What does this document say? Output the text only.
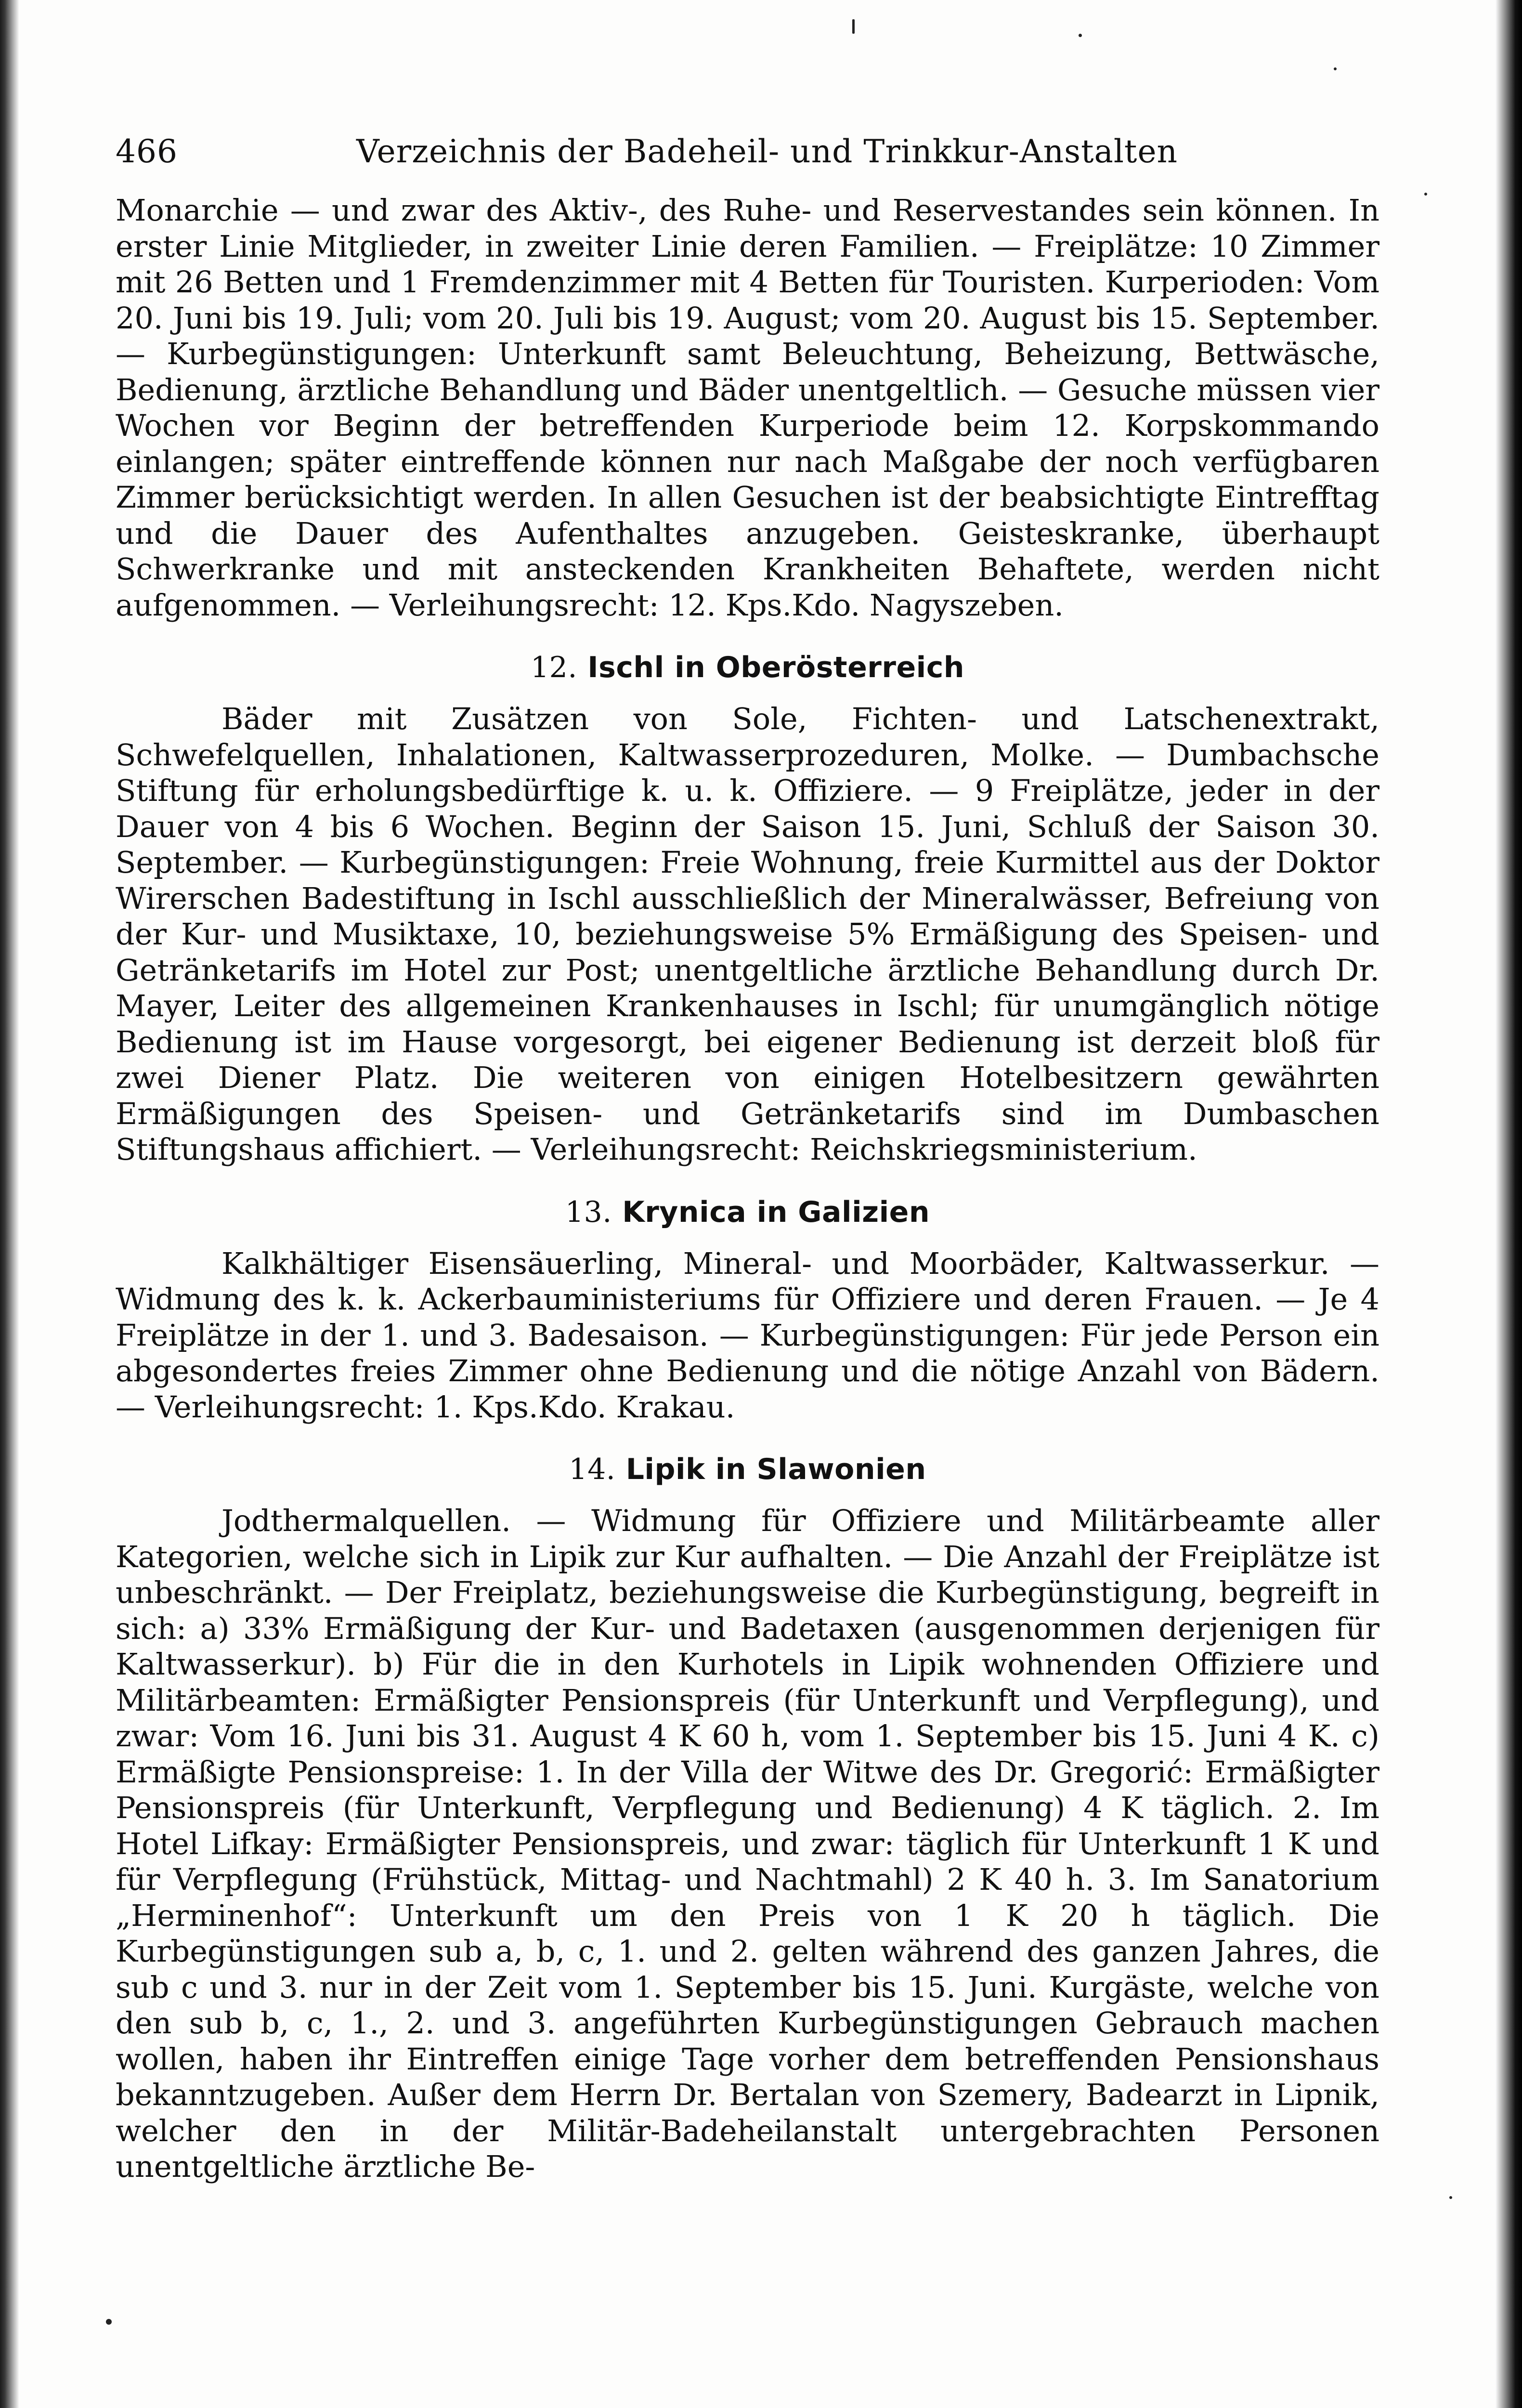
466	Verzeichnis der Badeheil- und Trinkkur-Anstalten

Monarchie — und zwar des Aktiv-, des Ruhe- und Reservestandes sein können. In erster Linie Mitglieder, in zweiter Linie deren Familien. — Freiplätze: 10 Zimmer mit 26 Betten und 1 Fremdenzimmer mit 4 Betten für Touristen. Kurperioden: Vom 20. Juni bis 19. Juli; vom 20. Juli bis 19. August; vom 20. August bis 15. September. — Kurbegünstigungen: Unterkunft samt Beleuchtung, Beheizung, Bettwäsche, Bedienung, ärztliche Behandlung und Bäder unentgeltlich. — Gesuche müssen vier Wochen vor Beginn der betreffenden Kurperiode beim 12. Korpskommando einlangen; später eintreffende können nur nach Maßgabe der noch verfügbaren Zimmer berücksichtigt werden. In allen Gesuchen ist der beabsichtigte Eintrefftag und die Dauer des Aufenthaltes anzugeben. Geisteskranke, überhaupt Schwerkranke und mit ansteckenden Krankheiten Behaftete, werden nicht aufgenommen. — Verleihungsrecht: 12. Kps.Kdo. Nagyszeben.

12. Ischl in Oberösterreich

Bäder mit Zusätzen von Sole, Fichten- und Latschenextrakt, Schwefelquellen, Inhalationen, Kaltwasserprozeduren, Molke. — Dumbachsche Stiftung für erholungsbedürftige k. u. k. Offiziere. — 9 Freiplätze, jeder in der Dauer von 4 bis 6 Wochen. Beginn der Saison 15. Juni, Schluß der Saison 30. September. — Kurbegünstigungen: Freie Wohnung, freie Kurmittel aus der Doktor Wirerschen Badestiftung in Ischl ausschließlich der Mineralwässer, Befreiung von der Kur- und Musiktaxe, 10, beziehungsweise 5% Ermäßigung des Speisen- und Getränketarifs im Hotel zur Post; unentgeltliche ärztliche Behandlung durch Dr. Mayer, Leiter des allgemeinen Krankenhauses in Ischl; für unumgänglich nötige Bedienung ist im Hause vorgesorgt, bei eigener Bedienung ist derzeit bloß für zwei Diener Platz. Die weiteren von einigen Hotelbesitzern gewährten Ermäßigungen des Speisen- und Getränketarifs sind im Dumbaschen Stiftungshaus affichiert. — Verleihungsrecht: Reichskriegsministerium.

13. Krynica in Galizien

Kalkhältiger Eisensäuerling, Mineral- und Moorbäder, Kaltwasserkur. — Widmung des k. k. Ackerbauministeriums für Offiziere und deren Frauen. — Je 4 Freiplätze in der 1. und 3. Badesaison. — Kurbegünstigungen: Für jede Person ein abgesondertes freies Zimmer ohne Bedienung und die nötige Anzahl von Bädern. — Verleihungsrecht: 1. Kps.Kdo. Krakau.

14. Lipik in Slawonien

Jodthermalquellen. — Widmung für Offiziere und Militärbeamte aller Kategorien, welche sich in Lipik zur Kur aufhalten. — Die Anzahl der Freiplätze ist unbeschränkt. — Der Freiplatz, beziehungsweise die Kurbegünstigung, begreift in sich: a) 33% Ermäßigung der Kur- und Badetaxen (ausgenommen derjenigen für Kaltwasserkur). b) Für die in den Kurhotels in Lipik wohnenden Offiziere und Militärbeamten: Ermäßigter Pensionspreis (für Unterkunft und Verpflegung), und zwar: Vom 16. Juni bis 31. August 4 K 60 h, vom 1. September bis 15. Juni 4 K. c) Ermäßigte Pensionspreise: 1. In der Villa der Witwe des Dr. Gregorić: Ermäßigter Pensionspreis (für Unterkunft, Verpflegung und Bedienung) 4 K täglich. 2. Im Hotel Lifkay: Ermäßigter Pensionspreis, und zwar: täglich für Unterkunft 1 K und für Verpflegung (Frühstück, Mittag- und Nachtmahl) 2 K 40 h. 3. Im Sanatorium „Herminenhof“: Unterkunft um den Preis von 1 K 20 h täglich. Die Kurbegünstigungen sub a, b, c, 1. und 2. gelten während des ganzen Jahres, die sub c und 3. nur in der Zeit vom 1. September bis 15. Juni. Kurgäste, welche von den sub b, c, 1., 2. und 3. angeführten Kurbegünstigungen Gebrauch machen wollen, haben ihr Eintreffen einige Tage vorher dem betreffenden Pensionshaus bekanntzugeben. Außer dem Herrn Dr. Bertalan von Szemery, Badearzt in Lipnik, welcher den in der Militär-Badeheilanstalt untergebrachten Personen unentgeltliche ärztliche Be-
